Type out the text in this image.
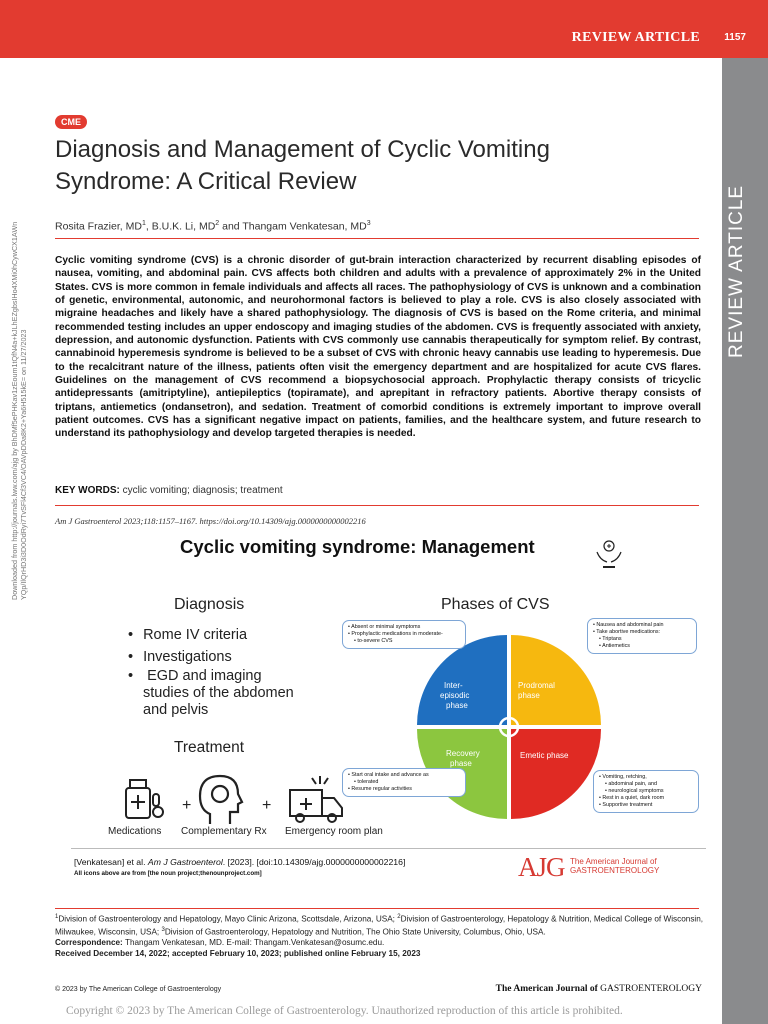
REVIEW ARTICLE 1157
REVIEW ARTICLE
Downloaded from http://journals.lww.com/ajg by BhDMf5ePHKav1zEoum1tQfN4a+kJLhEZgbsIHo4XMi0hCywCX1AWn YQp/IlQrHD3i3D0OdRyi7TvSFl4Cf3VC4/OAVpDDa8K2+Ya6H515kE= on 11/27/2023
CME
Diagnosis and Management of Cyclic Vomiting Syndrome: A Critical Review
Rosita Frazier, $MD^1$, B.U.K. Li, $MD^2$ and Thangam Venkatesan, $MD^3$

Cyclic vomiting syndrome (CVS) is a chronic disorder of gut-brain interaction characterized by recurrent disabling episodes of nausea, vomiting, and abdominal pain. CVS affects both children and adults with a prevalence of approximately 2% in the United States. CVS is more common in female individuals and affects all races. The pathophysiology of CVS is unknown and a combination of genetic, environmental, autonomic, and neurohormonal factors is believed to play a role. CVS is also closely associated with migraine headaches and likely have a shared pathophysiology. The diagnosis of CVS is based on the Rome criteria, and minimal recommended testing includes an upper endoscopy and imaging studies of the abdomen. CVS is frequently associated with anxiety, depression, and autonomic dysfunction. Patients with CVS commonly use cannabis therapeutically for symptom relief. By contrast, cannabinoid hyperemesis syndrome is believed to be a subset of CVS with chronic heavy cannabis use leading to hyperemesis. Due to the recalcitrant nature of the illness, patients often visit the emergency department and are hospitalized for acute CVS flares. Guidelines on the management of CVS recommend a biopsychosocial approach. Prophylactic therapy consists of tricyclic antidepressants (amitriptyline), antiepileptics (topiramate), and aprepitant in refractory patients. Abortive therapy consists of triptans, antiemetics (ondansetron), and sedation. Treatment of comorbid conditions is extremely important to improve overall patient outcomes. CVS has a significant negative impact on patients, families, and the healthcare system, and future research to understand its pathophysiology and develop targeted therapies is needed.

KEY WORDS: cyclic vomiting; diagnosis; treatment
Am J Gastroenterol 2023;118:1157–1167. https://doi.org/10.14309/ajg.0000000000002216
Cyclic vomiting syndrome: Management
Diagnosis
• Rome IV criteria
• Investigations
• EGD and imaging
studies of the abdomen
and pelvis
Treatment
+	+
Medications Complementary Rx Emergency room plan
Phases of CVS
Inter-
episodic
phase
Prodromal
phase
Emetic phase
Recovery
phase
• Absent or minimal symptoms
• Prophylactic medications in moderate-
• to-severe CVS
• Nausea and abdominal pain
• Take abortive medications:
• Triptans
• Antiemetics
• Start oral intake and advance as
• tolerated
• Resume regular activities
• Vomiting, retching,
• abdominal pain, and
• neurological symptoms
• Rest in a quiet, dark room
• Supportive treatment
[Venkatesan] et al. Am J Gastroenterol. [2023]. [doi:10.14309/ajg.0000000000002216]
All icons above are from [the noun project;thenounproject.com]	AJG The American Journal of
GASTROENTEROLOGY
$^1$Division of Gastroenterology and Hepatology, Mayo Clinic Arizona, Scottsdale, Arizona, USA; $^2$Division of Gastroenterology, Hepatology & Nutrition, Medical College of Wisconsin, Milwaukee, Wisconsin, USA; $^3$Division of Gastroenterology, Hepatology and Nutrition, The Ohio State University, Columbus, Ohio, USA.
Correspondence: Thangam Venkatesan, MD. E-mail: Thangam.Venkatesan@osumc.edu.
Received December 14, 2022; accepted February 10, 2023; published online February 15, 2023
© 2023 by The American College of Gastroenterology	The American Journal of GASTROENTEROLOGY
Copyright © 2023 by The American College of Gastroenterology. Unauthorized reproduction of this article is prohibited.
